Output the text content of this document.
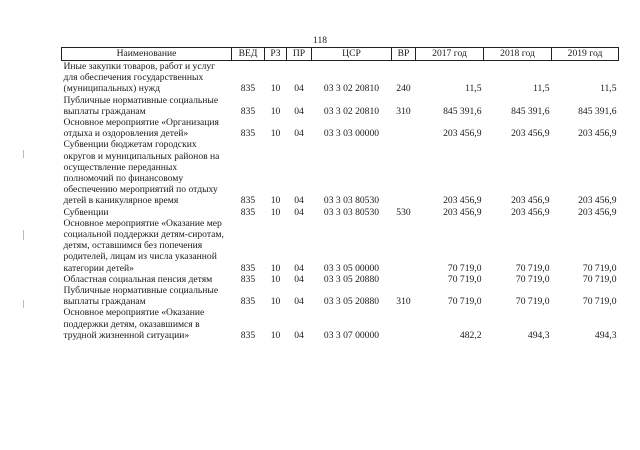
118
Наименование	ВЕД	РЗ	ПР	ЦСР	ВР	2017 год	2018 год	2019 год
Иные закупки товаров, работ и услуг для обеспечения государственных (муниципальных) нужд	835	10	04	03 3 02 20810	240	11,5	11,5	11,5
Публичные нормативные социальные выплаты гражданам	835	10	04	03 3 02 20810	310	845 391,6	845 391,6	845 391,6
Основное мероприятие «Организация отдыха и оздоровления детей»	835	10	04	03 3 03 00000		203 456,9	203 456,9	203 456,9
Субвенции бюджетам городских округов и муниципальных районов на осуществление переданных полномочий по финансовому обеспечению мероприятий по отдыху детей в каникулярное время	835	10	04	03 3 03 80530		203 456,9	203 456,9	203 456,9
Субвенции	835	10	04	03 3 03 80530	530	203 456,9	203 456,9	203 456,9
Основное мероприятие «Оказание мер социальной поддержки детям-сиротам, детям, оставшимся без попечения родителей, лицам из числа указанной категории детей»	835	10	04	03 3 05 00000		70 719,0	70 719,0	70 719,0
Областная социальная пенсия детям	835	10	04	03 3 05 20880		70 719,0	70 719,0	70 719,0
Публичные нормативные социальные выплаты гражданам	835	10	04	03 3 05 20880	310	70 719,0	70 719,0	70 719,0
Основное мероприятие «Оказание поддержки детям, оказавшимся в трудной жизненной ситуации»	835	10	04	03 3 07 00000		482,2	494,3	494,3
